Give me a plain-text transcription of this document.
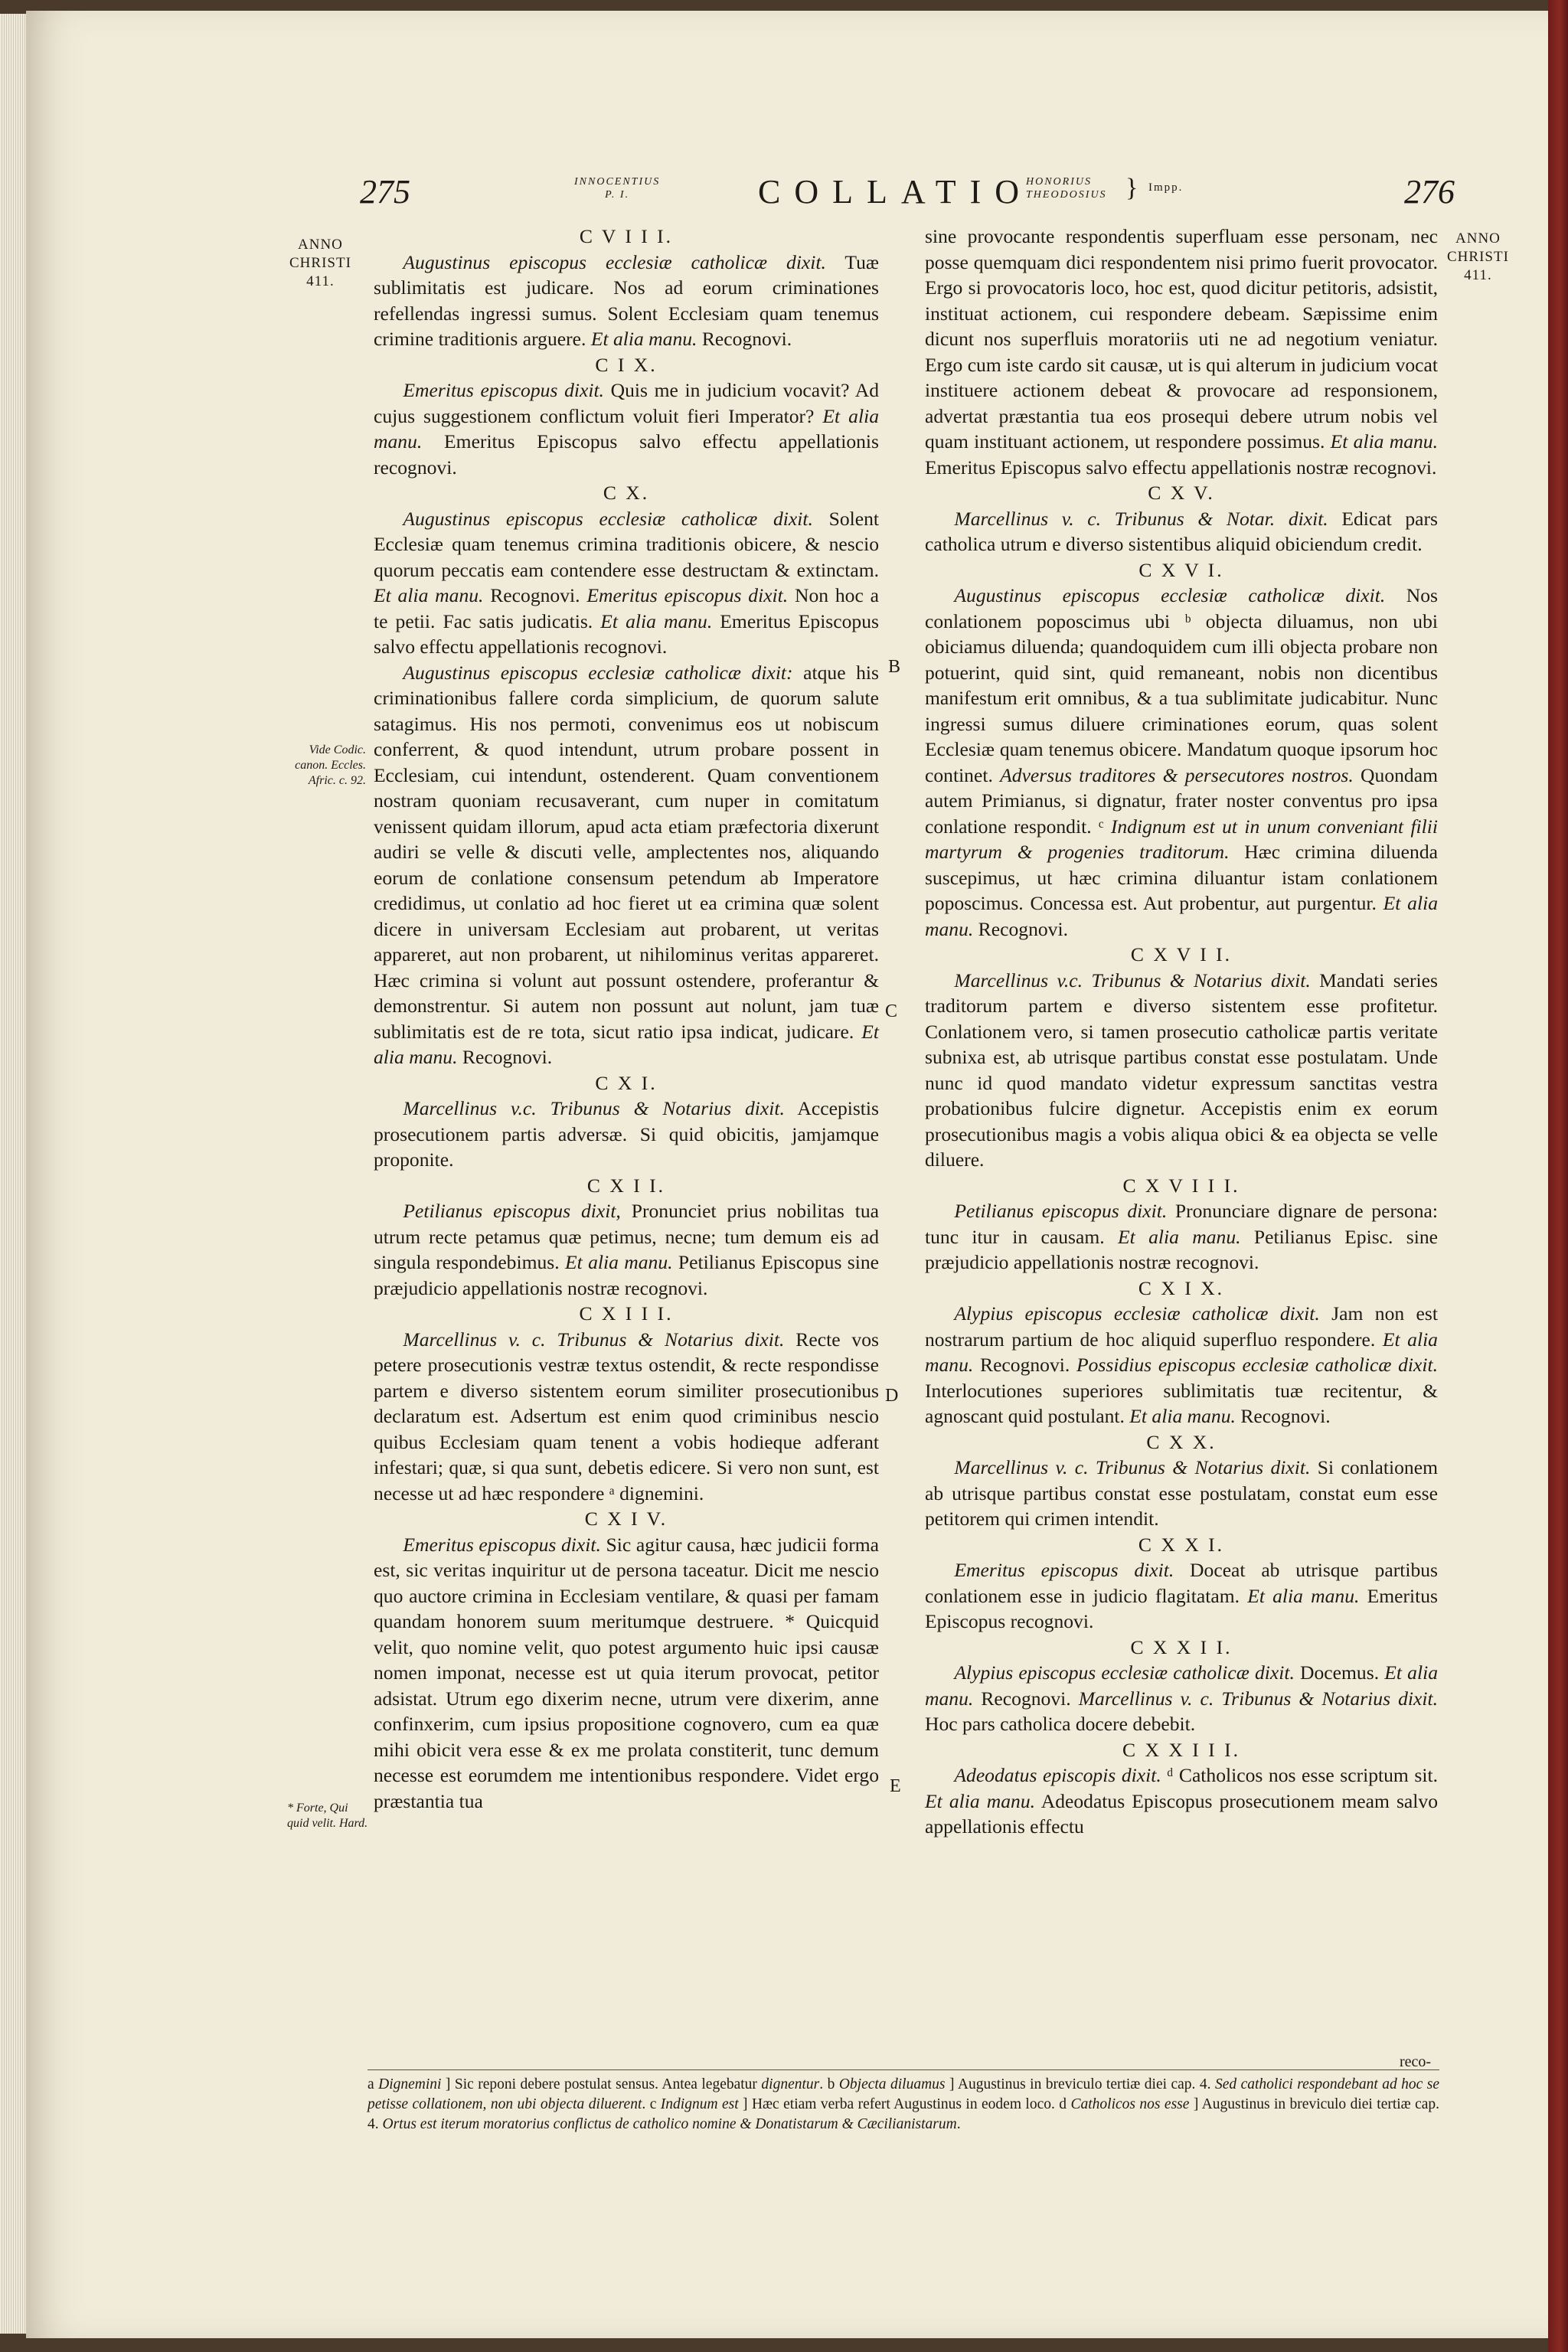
275	INNOCENTIUS
P. I.	COLLATIO
HONORIUS
THEODOSIUS } Impp.	276
ANNO
CHRISTI
411.
ANNO
CHRISTI
411.
Vide Codic. canon. Eccles. Afric. c. 92.
* Forte, Qui quid velit. Hard.
B
C
D
E
C V I I I.

Augustinus episcopus ecclesiæ catholicæ dixit. Tuæ sublimitatis est judicare. Nos ad eorum criminationes refellendas ingressi sumus. Solent Ecclesiam quam tenemus crimine traditionis arguere. Et alia manu. Recognovi.

C I X.

Emeritus episcopus dixit. Quis me in judicium vocavit? Ad cujus suggestionem conflictum voluit fieri Imperator? Et alia manu. Emeritus Episcopus salvo effectu appellationis recognovi.

C X.

Augustinus episcopus ecclesiæ catholicæ dixit. Solent Ecclesiæ quam tenemus crimina traditionis obicere, & nescio quorum peccatis eam contendere esse destructam & extinctam. Et alia manu. Recognovi. Emeritus episcopus dixit. Non hoc a te petii. Fac satis judicatis. Et alia manu. Emeritus Episcopus salvo effectu appellationis recognovi.

Augustinus episcopus ecclesiæ catholicæ dixit: atque his criminationibus fallere corda simplicium, de quorum salute satagimus. His nos permoti, convenimus eos ut nobiscum conferrent, & quod intendunt, utrum probare possent in Ecclesiam, cui intendunt, ostenderent. Quam conventionem nostram quoniam recusaverant, cum nuper in comitatum venissent quidam illorum, apud acta etiam præfectoria dixerunt audiri se velle & discuti velle, amplectentes nos, aliquando eorum de conlatione consensum petendum ab Imperatore credidimus, ut conlatio ad hoc fieret ut ea crimina quæ solent dicere in universam Ecclesiam aut probarent, ut veritas appareret, aut non probarent, ut nihilominus veritas appareret. Hæc crimina si volunt aut possunt ostendere, proferantur & demonstrentur. Si autem non possunt aut nolunt, jam tuæ sublimitatis est de re tota, sicut ratio ipsa indicat, judicare. Et alia manu. Recognovi.

C X I.

Marcellinus v.c. Tribunus & Notarius dixit. Accepistis prosecutionem partis adversæ. Si quid obicitis, jamjamque proponite.

C X I I.

Petilianus episcopus dixit, Pronunciet prius nobilitas tua utrum recte petamus quæ petimus, necne; tum demum eis ad singula respondebimus. Et alia manu. Petilianus Episcopus sine præjudicio appellationis nostræ recognovi.

C X I I I.

Marcellinus v. c. Tribunus & Notarius dixit. Recte vos petere prosecutionis vestræ textus ostendit, & recte respondisse partem e diverso sistentem eorum similiter prosecutionibus declaratum est. Adsertum est enim quod criminibus nescio quibus Ecclesiam quam tenent a vobis hodieque adferant infestari; quæ, si qua sunt, debetis edicere. Si vero non sunt, est necesse ut ad hæc respondere ᵃ dignemini.

C X I V.

Emeritus episcopus dixit. Sic agitur causa, hæc judicii forma est, sic veritas inquiritur ut de persona taceatur. Dicit me nescio quo auctore crimina in Ecclesiam ventilare, & quasi per famam quandam honorem suum meritumque destruere. * Quicquid velit, quo nomine velit, quo potest argumento huic ipsi causæ nomen imponat, necesse est ut quia iterum provocat, petitor adsistat. Utrum ego dixerim necne, utrum vere dixerim, anne confinxerim, cum ipsius propositione cognovero, cum ea quæ mihi obicit vera esse & ex me prolata constiterit, tunc demum necesse est eorumdem me intentionibus respondere. Videt ergo præstantia tua

sine provocante respondentis superfluam esse personam, nec posse quemquam dici respondentem nisi primo fuerit provocator. Ergo si provocatoris loco, hoc est, quod dicitur petitoris, adsistit, instituat actionem, cui respondere debeam. Sæpissime enim dicunt nos superfluis moratoriis uti ne ad negotium veniatur. Ergo cum iste cardo sit causæ, ut is qui alterum in judicium vocat instituere actionem debeat & provocare ad responsionem, advertat præstantia tua eos prosequi debere utrum nobis vel quam instituant actionem, ut respondere possimus. Et alia manu. Emeritus Episcopus salvo effectu appellationis nostræ recognovi.

C X V.

Marcellinus v. c. Tribunus & Notar. dixit. Edicat pars catholica utrum e diverso sistentibus aliquid obiciendum credit.

C X V I.

Augustinus episcopus ecclesiæ catholicæ dixit. Nos conlationem poposcimus ubi ᵇ objecta diluamus, non ubi obiciamus diluenda; quandoquidem cum illi objecta probare non potuerint, quid sint, quid remaneant, nobis non dicentibus manifestum erit omnibus, & a tua sublimitate judicabitur. Nunc ingressi sumus diluere criminationes eorum, quas solent Ecclesiæ quam tenemus obicere. Mandatum quoque ipsorum hoc continet. Adversus traditores & persecutores nostros. Quondam autem Primianus, si dignatur, frater noster conventus pro ipsa conlatione respondit. ᶜ Indignum est ut in unum conveniant filii martyrum & progenies traditorum. Hæc crimina diluenda suscepimus, ut hæc crimina diluantur istam conlationem poposcimus. Concessa est. Aut probentur, aut purgentur. Et alia manu. Recognovi.

C X V I I.

Marcellinus v.c. Tribunus & Notarius dixit. Mandati series traditorum partem e diverso sistentem esse profitetur. Conlationem vero, si tamen prosecutio catholicæ partis veritate subnixa est, ab utrisque partibus constat esse postulatam. Unde nunc id quod mandato videtur expressum sanctitas vestra probationibus fulcire dignetur. Accepistis enim ex eorum prosecutionibus magis a vobis aliqua obici & ea objecta se velle diluere.

C X V I I I.

Petilianus episcopus dixit. Pronunciare dignare de persona: tunc itur in causam. Et alia manu. Petilianus Episc. sine præjudicio appellationis nostræ recognovi.

C X I X.

Alypius episcopus ecclesiæ catholicæ dixit. Jam non est nostrarum partium de hoc aliquid superfluo respondere. Et alia manu. Recognovi. Possidius episcopus ecclesiæ catholicæ dixit. Interlocutiones superiores sublimitatis tuæ recitentur, & agnoscant quid postulant. Et alia manu. Recognovi.

C X X.

Marcellinus v. c. Tribunus & Notarius dixit. Si conlationem ab utrisque partibus constat esse postulatam, constat eum esse petitorem qui crimen intendit.

C X X I.

Emeritus episcopus dixit. Doceat ab utrisque partibus conlationem esse in judicio flagitatam. Et alia manu. Emeritus Episcopus recognovi.

C X X I I.

Alypius episcopus ecclesiæ catholicæ dixit. Docemus. Et alia manu. Recognovi. Marcellinus v. c. Tribunus & Notarius dixit. Hoc pars catholica docere debebit.

C X X I I I.

Adeodatus episcopis dixit. ᵈ Catholicos nos esse scriptum sit. Et alia manu. Adeodatus Episcopus prosecutionem meam salvo appellationis effectu

reco-
a Dignemini ] Sic reponi debere postulat sensus. Antea legebatur dignentur. b Objecta diluamus ] Augustinus in breviculo tertiæ diei cap. 4. Sed catholici respondebant ad hoc se petisse collationem, non ubi objecta diluerent. c Indignum est ] Hæc etiam verba refert Augustinus in eodem loco. d Catholicos nos esse ] Augustinus in breviculo diei tertiæ cap. 4. Ortus est iterum moratorius conflictus de catholico nomine & Donatistarum & Cæcilianistarum.
